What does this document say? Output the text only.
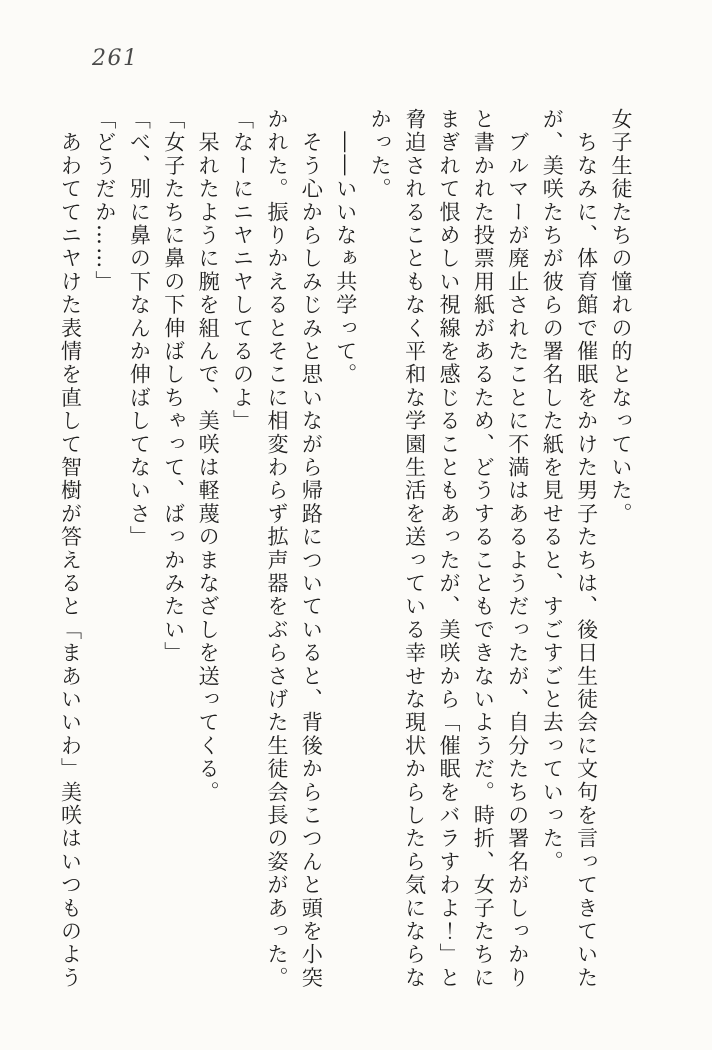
261

女子生徒たちの憧れの的となっていた。

　ちなみに、体育館で催眠をかけた男子たちは、後日生徒会に文句を言ってきていたが、美咲たちが彼らの署名した紙を見せると、すごすごと去っていった。

　ブルマーが廃止されたことに不満はあるようだったが、自分たちの署名がしっかりと書かれた投票用紙があるため、どうすることもできないようだ。時折、女子たちにまぎれて恨めしい視線を感じることもあったが、美咲から「催眠をバラすわよ！」と脅迫されることもなく平和な学園生活を送っている幸せな現状からしたら気にならなかった。

　――いいなぁ共学って。

　そう心からしみじみと思いながら帰路についていると、背後からこつんと頭を小突かれた。振りかえるとそこに相変わらず拡声器をぶらさげた生徒会長の姿があった。

「なーにニヤニヤしてるのよ」

　呆れたように腕を組んで、美咲は軽蔑のまなざしを送ってくる。

「女子たちに鼻の下伸ばしちゃって、ばっかみたい」

「べ、別に鼻の下なんか伸ばしてないさ」

「どうだか……」

　あわててニヤけた表情を直して智樹が答えると「まあいいわ」美咲はいつものよう
